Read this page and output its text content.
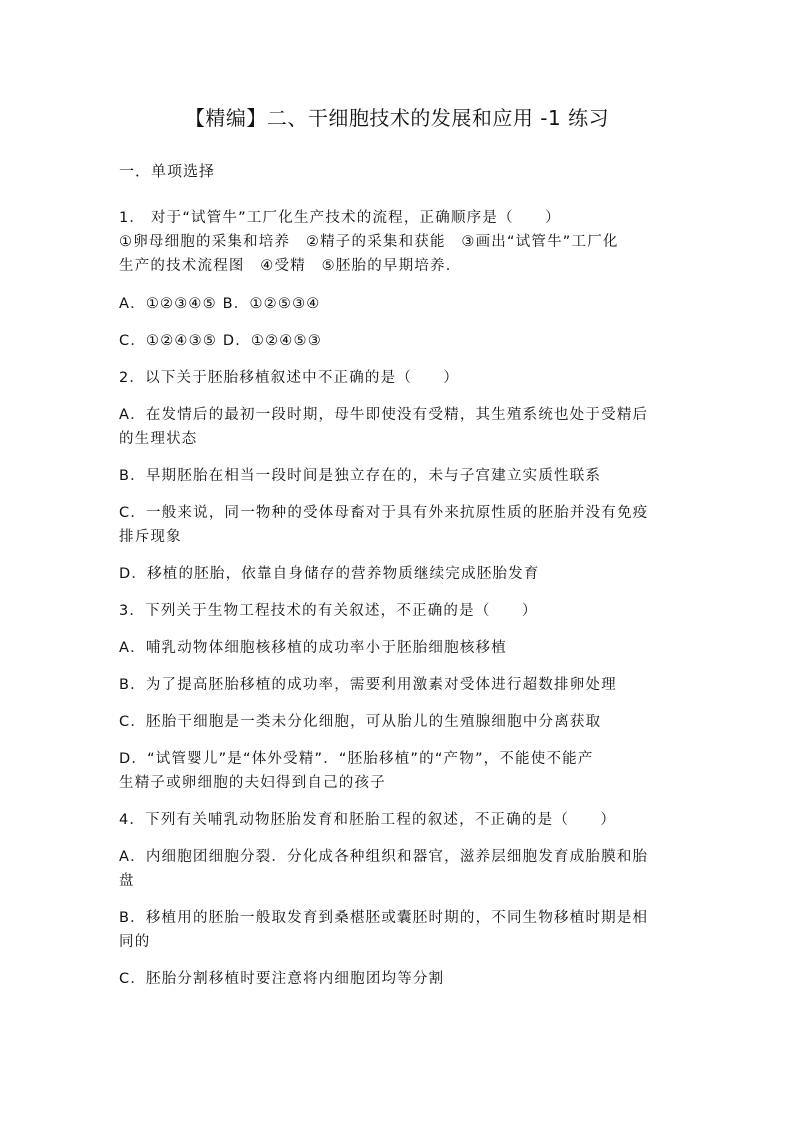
【精编】二、干细胞技术的发展和应用 -1 练习
一．单项选择
1． 对于“试管牛”工厂化生产技术的流程，正确顺序是（　　）
①卵母细胞的采集和培养　②精子的采集和获能　③画出“试管牛”工厂化
生产的技术流程图　④受精　⑤胚胎的早期培养．
A．①②③④⑤ B．①②⑤③④
C．①②④③⑤ D．①②④⑤③
2．以下关于胚胎移植叙述中不正确的是（　　）
A．在发情后的最初一段时期，母牛即使没有受精，其生殖系统也处于受精后
的生理状态
B．早期胚胎在相当一段时间是独立存在的，未与子宫建立实质性联系
C．一般来说，同一物种的受体母畜对于具有外来抗原性质的胚胎并没有免疫
排斥现象
D．移植的胚胎，依靠自身储存的营养物质继续完成胚胎发育
3．下列关于生物工程技术的有关叙述，不正确的是（　　）
A．哺乳动物体细胞核移植的成功率小于胚胎细胞核移植
B．为了提高胚胎移植的成功率，需要利用激素对受体进行超数排卵处理
C．胚胎干细胞是一类未分化细胞，可从胎儿的生殖腺细胞中分离获取
D．“试管婴儿”是“体外受精”．“胚胎移植”的“产物”，不能使不能产
生精子或卵细胞的夫妇得到自己的孩子
4．下列有关哺乳动物胚胎发育和胚胎工程的叙述，不正确的是（　　）
A．内细胞团细胞分裂．分化成各种组织和器官，滋养层细胞发育成胎膜和胎
盘
B．移植用的胚胎一般取发育到桑椹胚或囊胚时期的，不同生物移植时期是相
同的
C．胚胎分割移植时要注意将内细胞团均等分割
